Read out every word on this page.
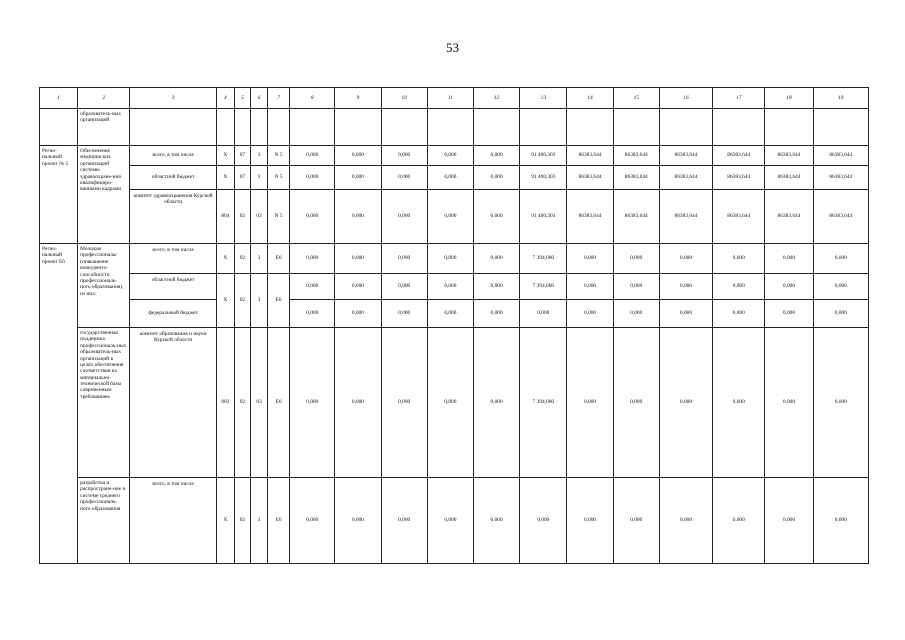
53
1	2	3	4	5	6	7	8	9	10	11	12	13	14	15	16	17	18	19
	образователь-ных организаций																	
Регио-нальный проект № 5	Обеспечение медицинских организаций системы здравоохране-ния квалифициро-ванными кадрами	всего, в том числе	Х	07	3	N 5	0,000	0,000	0,000	0,000	0,000	91 400,303	86383,644	86383,644	86383,644	86383,644	86383,644	86383,644
		областной бюджет	Х	07	3	N 5	0,000	0,000	0,000	0,000	0,000	91 400,303	86383,644	86383,644	86383,644	86383,644	86383,644	86383,644
		комитет здравоохранения Курской области	804	02	03	N 5	0,000	0,000	0,000	0,000	0,000	91 400,303	86383,644	86383,644	86383,644	86383,644	86383,644	86383,644
Регио-нальный проект Е6	Молодые профессионалы (повышение конкуренто-способности профессиональ-ного образования), из них:	всего, в том числе	Х	02	3	Е6	0,000	0,000	0,000	0,000	0,000	7 394,000	0,000	0,000	0,000	0,000	0,000	0,000
		областной бюджет	Х	02	3	Е6	0,000	0,000	0,000	0,000	0,000	7 394,000	0,000	0,000	0,000	0,000	0,000	0,000
		федеральный бюджет					0,000	0,000	0,000	0,000	0,000	0,000	0,000	0,000	0,000	0,000	0,000	0,000
	государственная поддержка профессиональ-ных образователь-ных организаций в целях обеспечения соответствия их материально-технической базы современным требованиям	комитет образования и науки Курской области	803	02	03	Е6	0,000	0,000	0,000	0,000	0,000	7 394,000	0,000	0,000	0,000	0,000	0,000	0,000
	разработка и распростране-ние в системе среднего профессиональ-ного образования	всего, в том числе	Х	02	3	Е6	0,000	0,000	0,000	0,000	0,000	0,000	0,000	0,000	0,000	0,000	0,000	0,000
